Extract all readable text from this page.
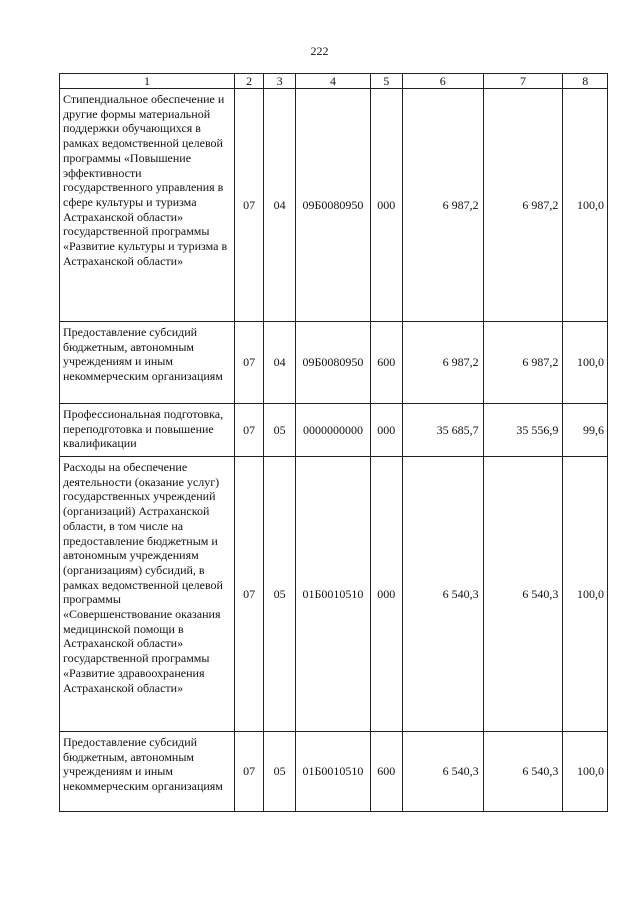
222
1	2	3	4	5	6	7	8
Стипендиальное обеспечение и другие формы материальной поддержки обучающихся в рамках ведомственной целевой программы «Повышение эффективности государственного управления в сфере культуры и туризма Астраханской области» государственной программы «Развитие культуры и туризма в Астраханской области»	07	04	09Б0080950	000	6 987,2	6 987,2	100,0
Предоставление субсидий бюджетным, автономным учреждениям и иным некоммерческим организациям	07	04	09Б0080950	600	6 987,2	6 987,2	100,0
Профессиональная подготовка, переподготовка и повышение квалификации	07	05	0000000000	000	35 685,7	35 556,9	99,6
Расходы на обеспечение деятельности (оказание услуг) государственных учреждений (организаций) Астраханской области, в том числе на предоставление бюджетным и автономным учреждениям (организациям) субсидий, в рамках ведомственной целевой программы «Совершенствование оказания медицинской помощи в Астраханской области» государственной программы «Развитие здравоохранения Астраханской области»	07	05	01Б0010510	000	6 540,3	6 540,3	100,0
Предоставление субсидий бюджетным, автономным учреждениям и иным некоммерческим организациям	07	05	01Б0010510	600	6 540,3	6 540,3	100,0
